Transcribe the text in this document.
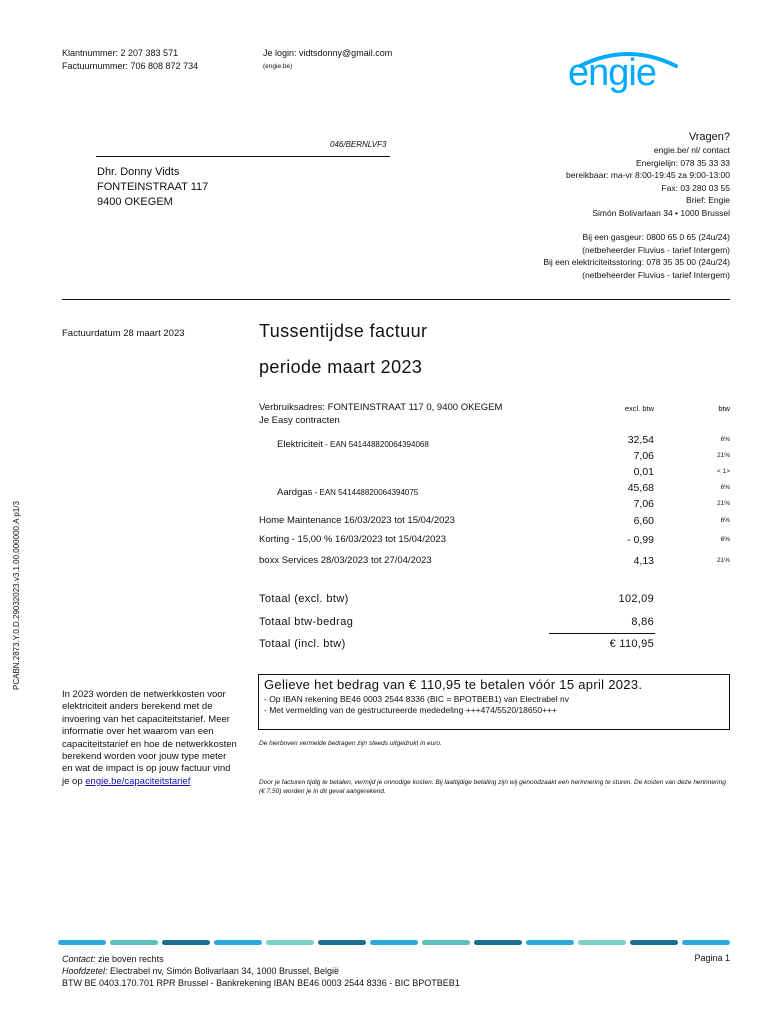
Klantnummer: 2 207 383 571
Factuurnummer: 706 808 872 734
Je login: vidtsdonny@gmail.com
(engie.be)	engie
046/BERNLVF3
Dhr. Donny Vidts
FONTEINSTRAAT 117
9400 OKEGEM
Vragen?
engie.be/ nl/ contact
Energielijn: 078 35 33 33
bereikbaar: ma-vr 8:00-19:45 za 9:00-13:00
Fax: 03 280 03 55
Brief: Engie
Simón Bolivarlaan 34 • 1000 Brussel
Bij een gasgeur: 0800 65 0 65 (24u/24)
(netbeheerder Fluvius - tarief Intergem)
Bij een elektriciteitsstoring: 078 35 35 00 (24u/24)
(netbeheerder Fluvius - tarief Intergem)
Factuurdatum 28 maart 2023	Tussentijdse factuur
periode maart 2023
Verbruiksadres: FONTEINSTRAAT 117 0, 9400 OKEGEM
Je Easy contracten
excl. btw	btw
Elektriciteit - EAN 541448820064394068	32,54	6%
7,06	21%
0,01	< 1>
Aardgas - EAN 541448820064394075	45,68	6%
7,06	21%
Home Maintenance 16/03/2023 tot 15/04/2023	6,60	6%
Korting - 15,00 % 16/03/2023 tot 15/04/2023	- 0,99	6%
boxx Services 28/03/2023 tot 27/04/2023	4,13	21%
Totaal (excl. btw)	102,09
Totaal btw-bedrag	8,86
Totaal (incl. btw)	€ 110,95
Gelieve het bedrag van € 110,95 te betalen vóór 15 april 2023.
- Op IBAN rekening BE46 0003 2544 8336 (BIC = BPOTBEB1) van Electrabel nv
- Met vermelding van de gestructureerde mededeling +++474/5520/18650+++
De hierboven vermelde bedragen zijn steeds uitgedrukt in euro.
Door je facturen tijdig te betalen, vermijd je onnodige kosten. Bij laattijdige betaling zijn wij genoodzaakt een herinnering te sturen. De kosten van deze herinnering (€ 7,50) worden je in dit geval aangerekend.
In 2023 worden de netwerkkosten voor elektriciteit anders berekend met de invoering van het capaciteitstarief. Meer informatie over het waarom van een capaciteitstarief en hoe de netwerkkosten berekend worden voor jouw type meter en wat de impact is op jouw factuur vind je op engie.be/capaciteitstarief
PCABN.2873.Y.0.D.29032023.v3.1.00.000000.A p1/3
Contact: zie boven rechts
Hoofdzetel: Electrabel nv, Simón Bolivarlaan 34, 1000 Brussel, België
BTW BE 0403.170.701 RPR Brussel - Bankrekening IBAN BE46 0003 2544 8336 - BIC BPOTBEB1
Pagina 1
